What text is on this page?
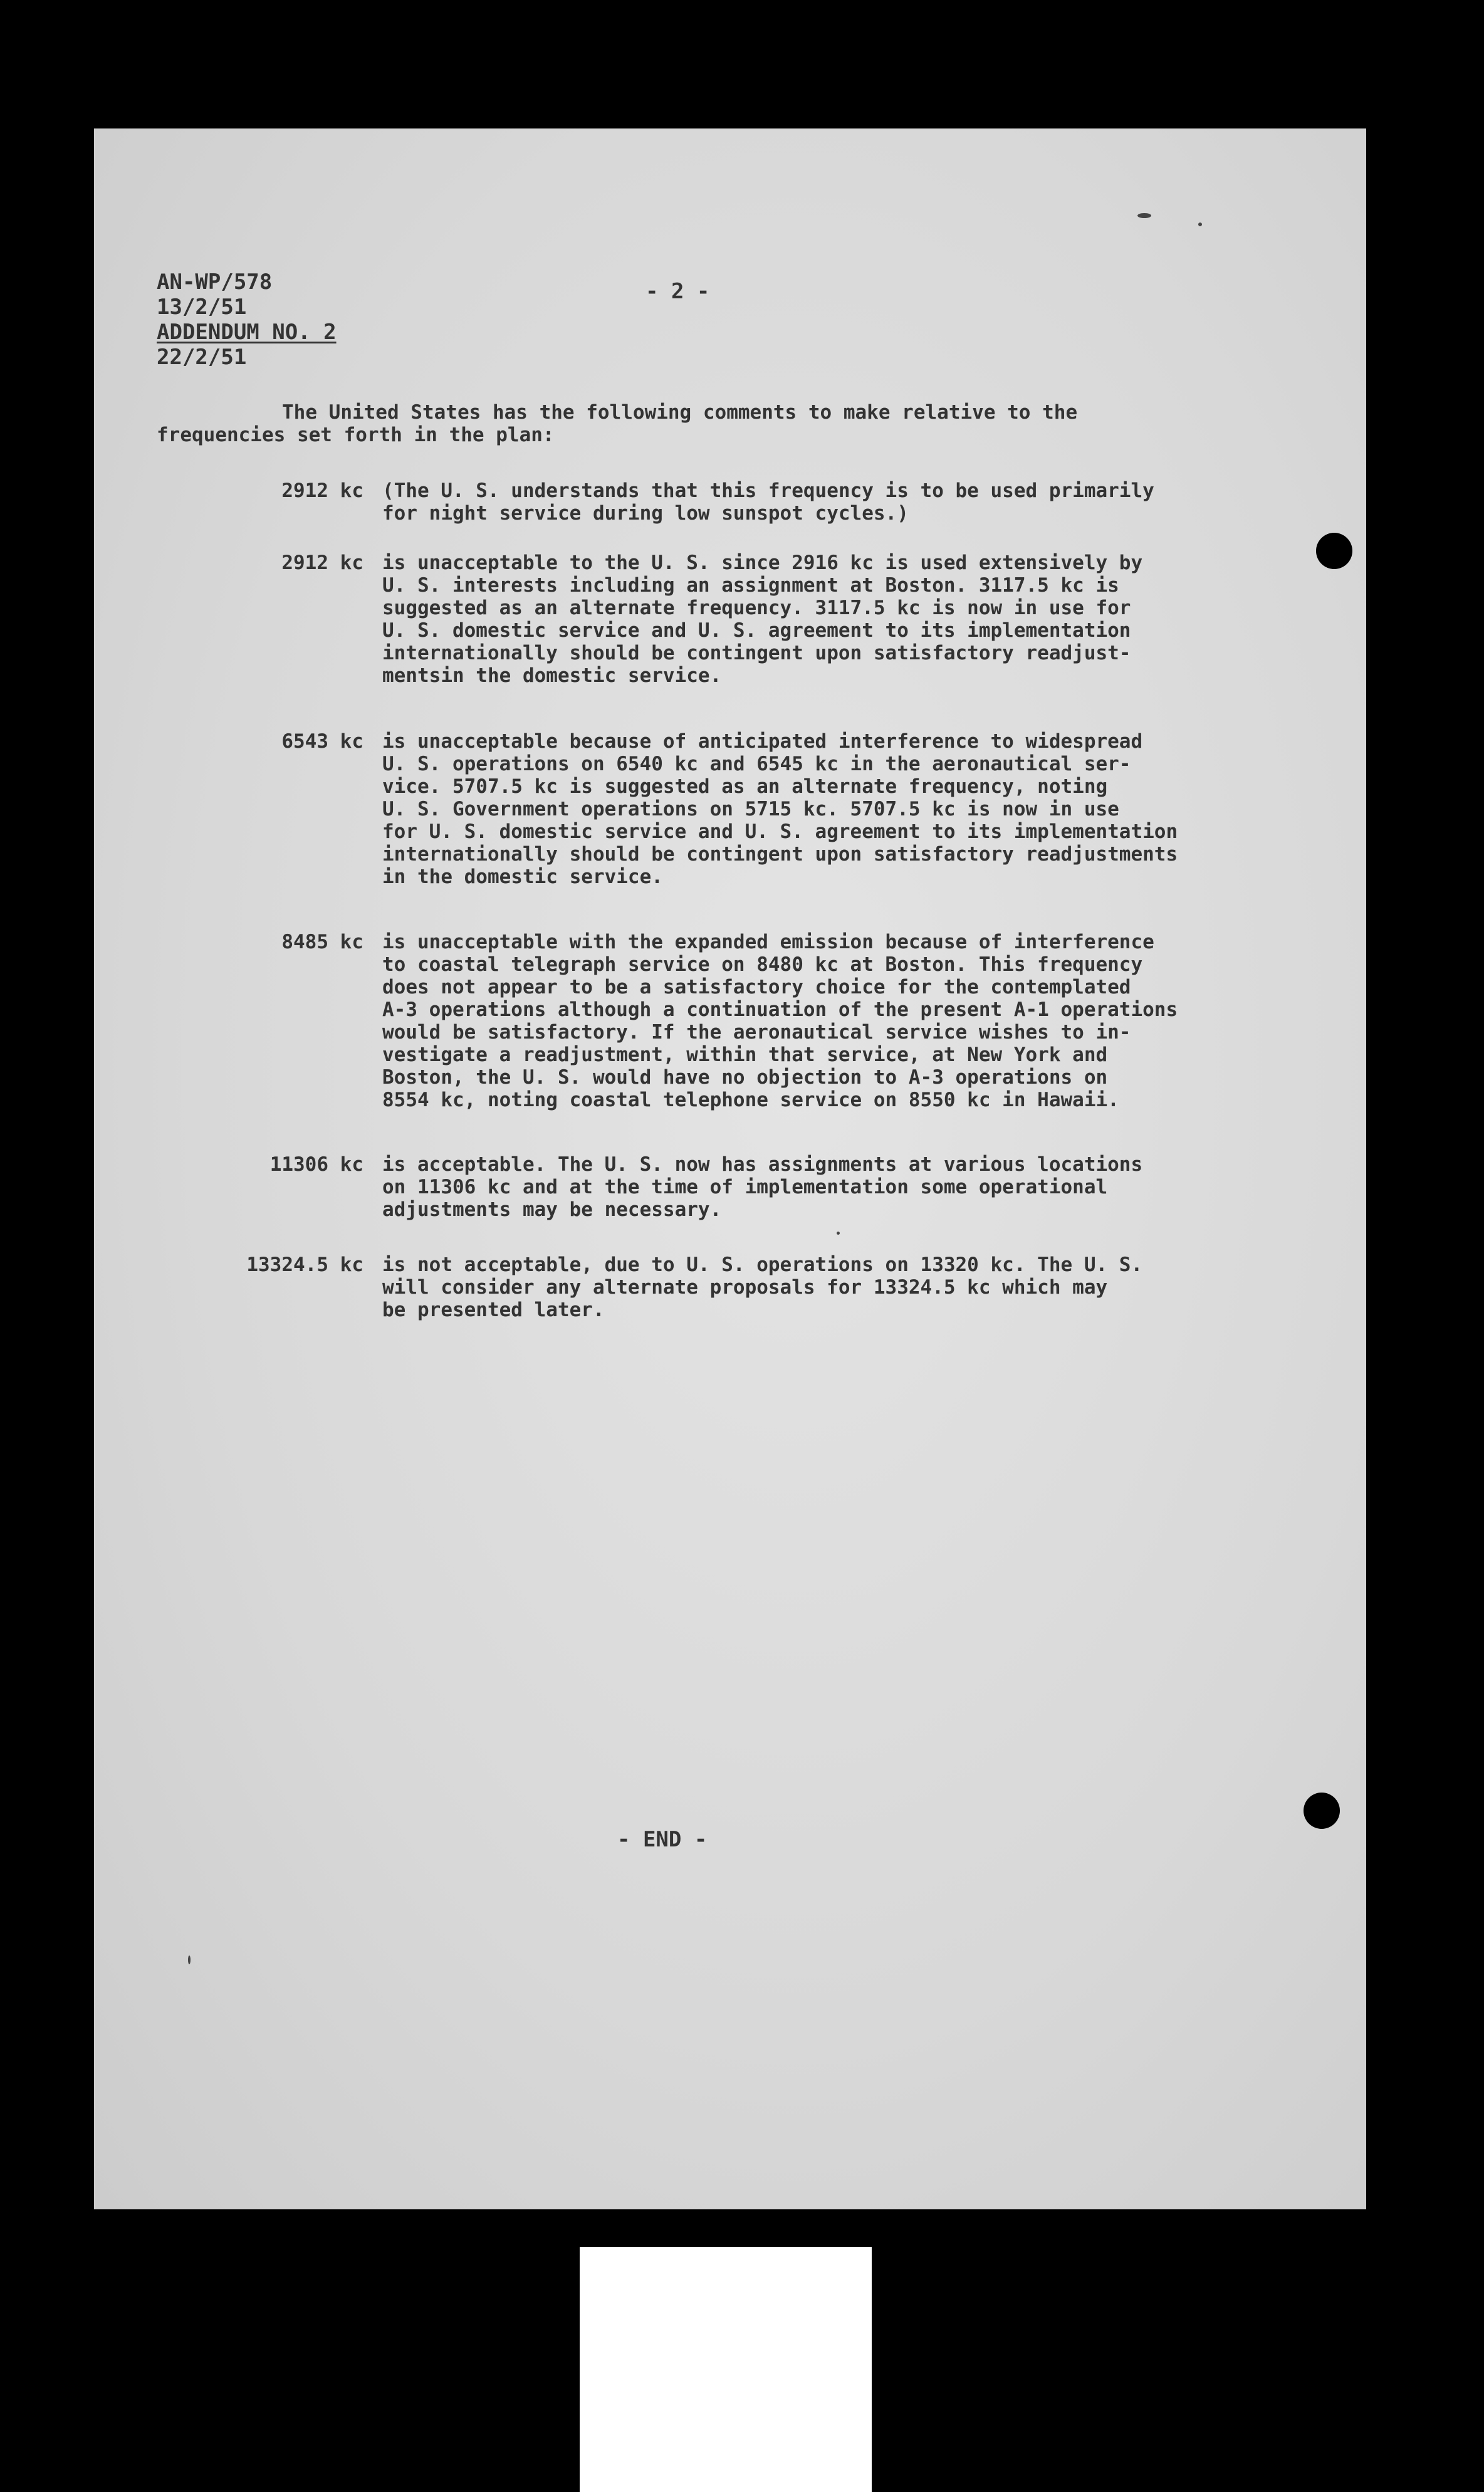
AN-WP/578
13/2/51
ADDENDUM NO. 2
22/2/51
- 2 -
The United States has the following comments to make relative to the
frequencies set forth in the plan:
2912 kc (The U. S. understands that this frequency is to be used primarily
for night service during low sunspot cycles.)
2912 kc is unacceptable to the U. S. since 2916 kc is used extensively by
U. S. interests including an assignment at Boston. 3117.5 kc is
suggested as an alternate frequency. 3117.5 kc is now in use for
U. S. domestic service and U. S. agreement to its implementation
internationally should be contingent upon satisfactory readjust-
mentsin the domestic service.
6543 kc is unacceptable because of anticipated interference to widespread
U. S. operations on 6540 kc and 6545 kc in the aeronautical ser-
vice. 5707.5 kc is suggested as an alternate frequency, noting
U. S. Government operations on 5715 kc. 5707.5 kc is now in use
for U. S. domestic service and U. S. agreement to its implementation
internationally should be contingent upon satisfactory readjustments
in the domestic service.
8485 kc is unacceptable with the expanded emission because of interference
to coastal telegraph service on 8480 kc at Boston. This frequency
does not appear to be a satisfactory choice for the contemplated
A-3 operations although a continuation of the present A-1 operations
would be satisfactory. If the aeronautical service wishes to in-
vestigate a readjustment, within that service, at New York and
Boston, the U. S. would have no objection to A-3 operations on
8554 kc, noting coastal telephone service on 8550 kc in Hawaii.
11306 kc is acceptable. The U. S. now has assignments at various locations
on 11306 kc and at the time of implementation some operational
adjustments may be necessary.
13324.5 kc is not acceptable, due to U. S. operations on 13320 kc. The U. S.
will consider any alternate proposals for 13324.5 kc which may
be presented later.
- END -
